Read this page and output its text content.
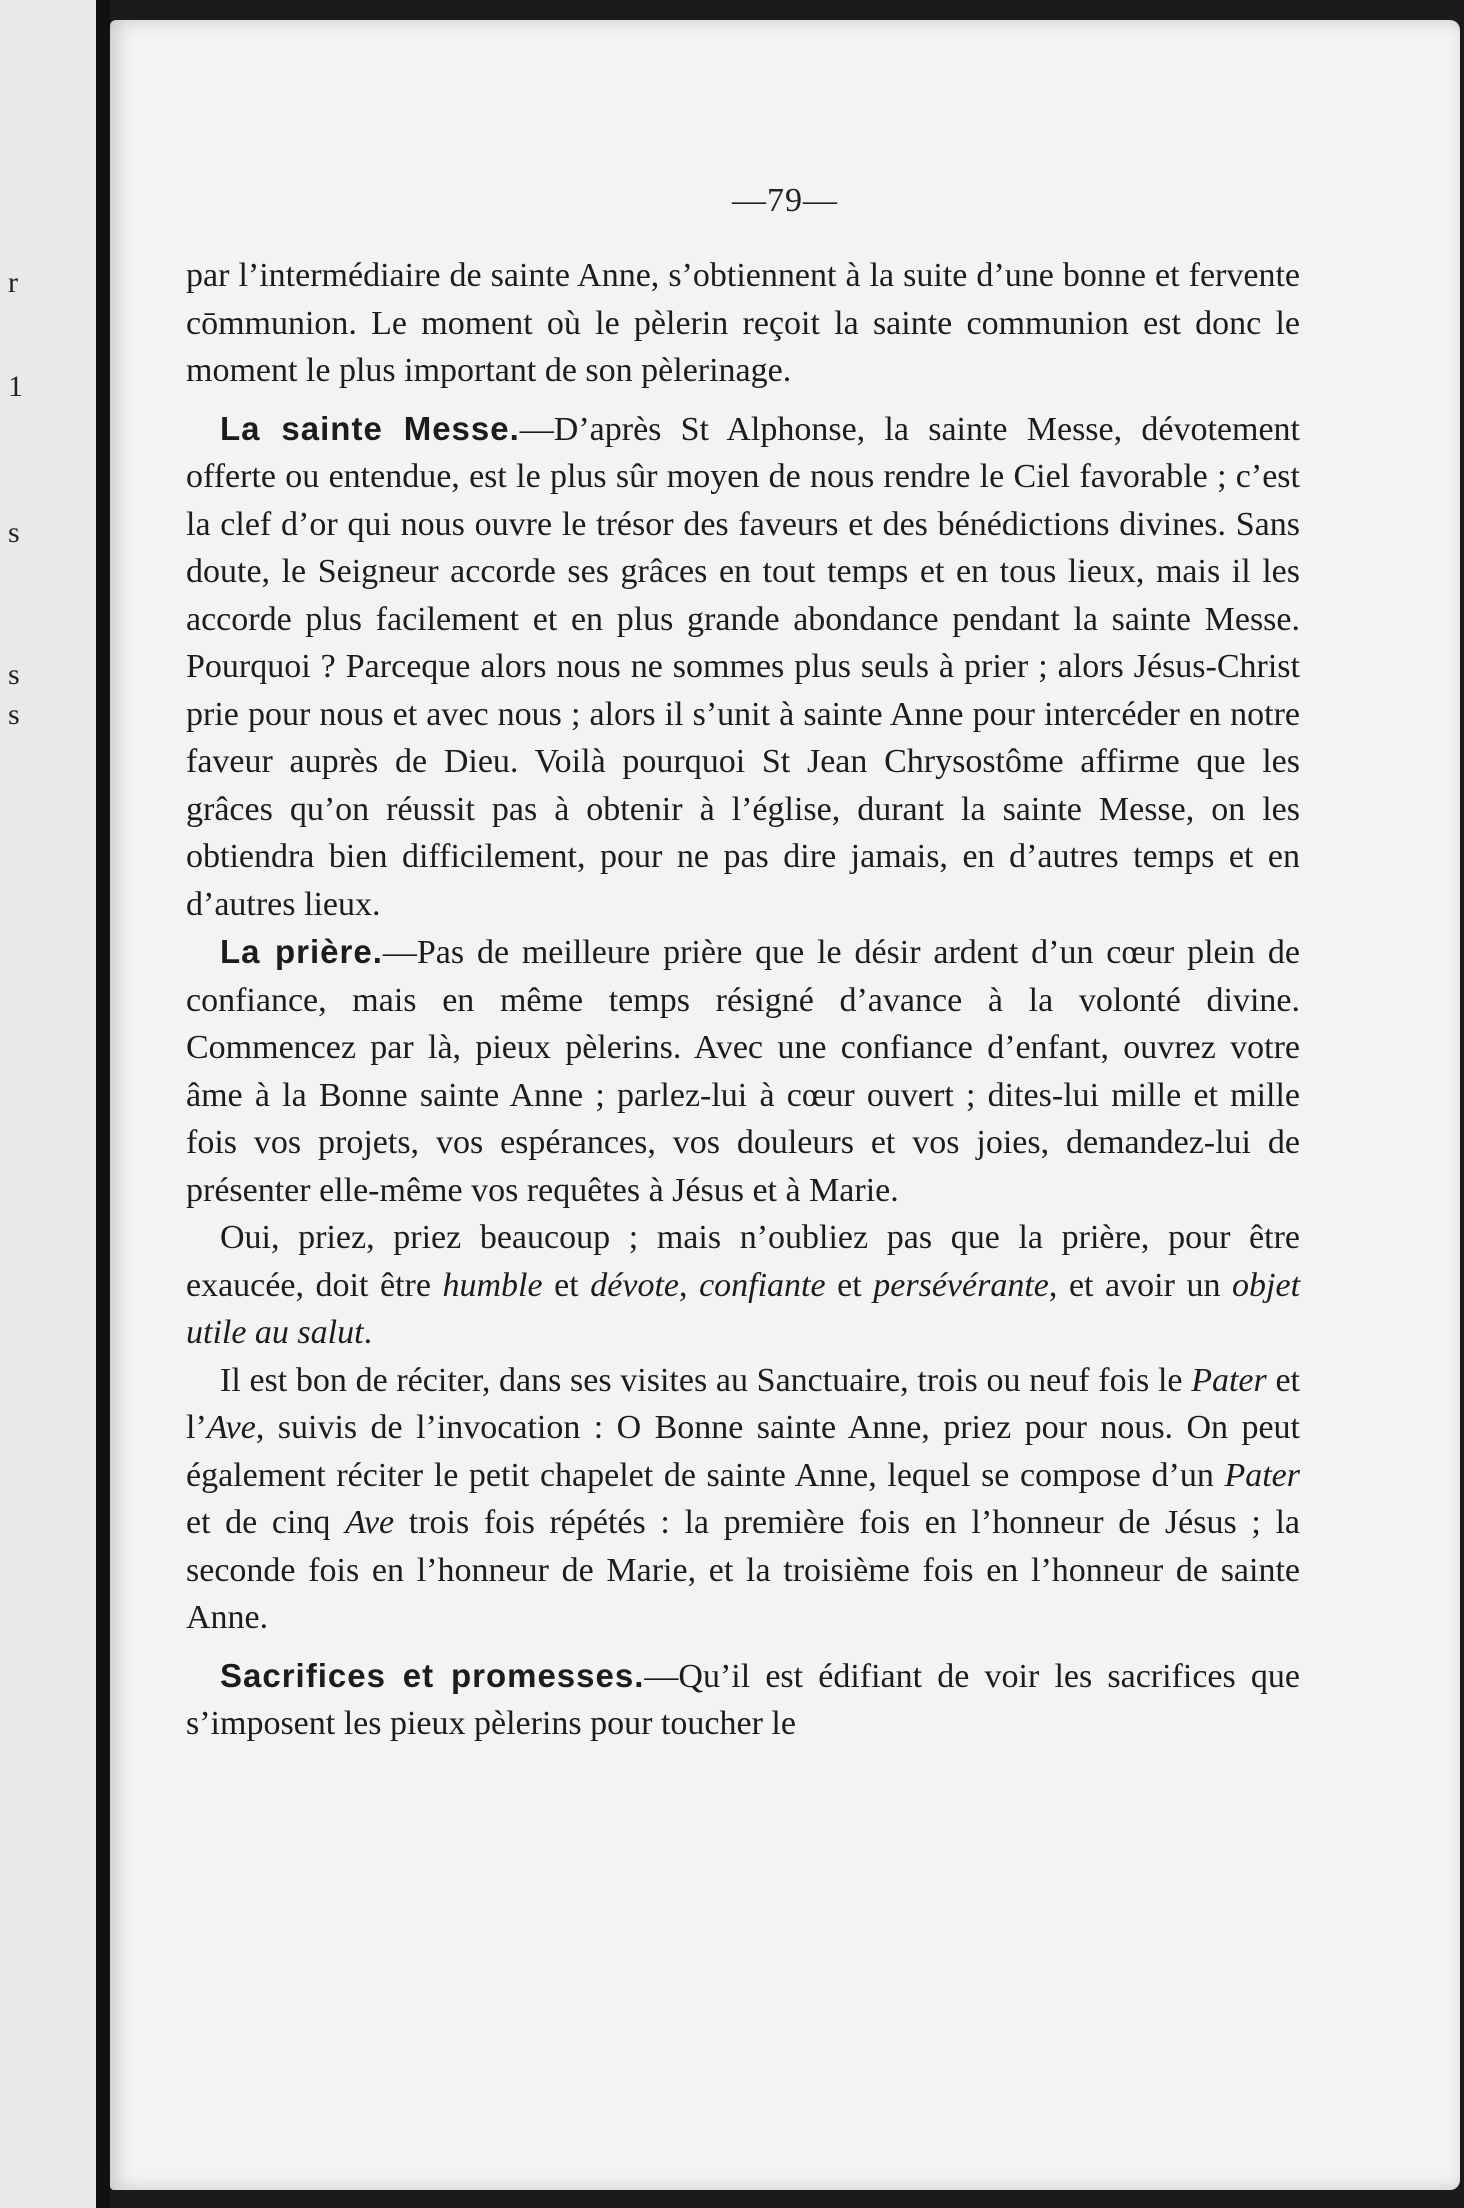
r
1
s
s
s
—79—

par l’intermédiaire de sainte Anne, s’obtiennent à la suite d’une bonne et fervente cōmmunion. Le moment où le pèlerin reçoit la sainte communion est donc le moment le plus important de son pèlerinage.

La sainte Messe.—D’après St Alphonse, la sainte Messe, dévotement offerte ou entendue, est le plus sûr moyen de nous rendre le Ciel favorable ; c’est la clef d’or qui nous ouvre le trésor des faveurs et des bénédictions divines. Sans doute, le Seigneur accorde ses grâces en tout temps et en tous lieux, mais il les accorde plus facilement et en plus grande abondance pendant la sainte Messe. Pourquoi ? Parceque alors nous ne sommes plus seuls à prier ; alors Jésus-Christ prie pour nous et avec nous ; alors il s’unit à sainte Anne pour intercéder en notre faveur auprès de Dieu. Voilà pourquoi St Jean Chrysostôme affirme que les grâces qu’on réussit pas à obtenir à l’église, durant la sainte Messe, on les obtiendra bien difficilement, pour ne pas dire jamais, en d’autres temps et en d’autres lieux.

La prière.—Pas de meilleure prière que le désir ardent d’un cœur plein de confiance, mais en même temps résigné d’avance à la volonté divine. Commencez par là, pieux pèlerins. Avec une confiance d’enfant, ouvrez votre âme à la Bonne sainte Anne ; parlez-lui à cœur ouvert ; dites-lui mille et mille fois vos projets, vos espérances, vos douleurs et vos joies, demandez-lui de présenter elle-même vos requêtes à Jésus et à Marie.

Oui, priez, priez beaucoup ; mais n’oubliez pas que la prière, pour être exaucée, doit être humble et dévote, confiante et persévérante, et avoir un objet utile au salut.

Il est bon de réciter, dans ses visites au Sanctuaire, trois ou neuf fois le Pater et l’Ave, suivis de l’invocation : O Bonne sainte Anne, priez pour nous. On peut également réciter le petit chapelet de sainte Anne, lequel se compose d’un Pater et de cinq Ave trois fois répétés : la première fois en l’honneur de Jésus ; la seconde fois en l’honneur de Marie, et la troisième fois en l’honneur de sainte Anne.

Sacrifices et promesses.—Qu’il est édifiant de voir les sacrifices que s’imposent les pieux pèlerins pour toucher le
